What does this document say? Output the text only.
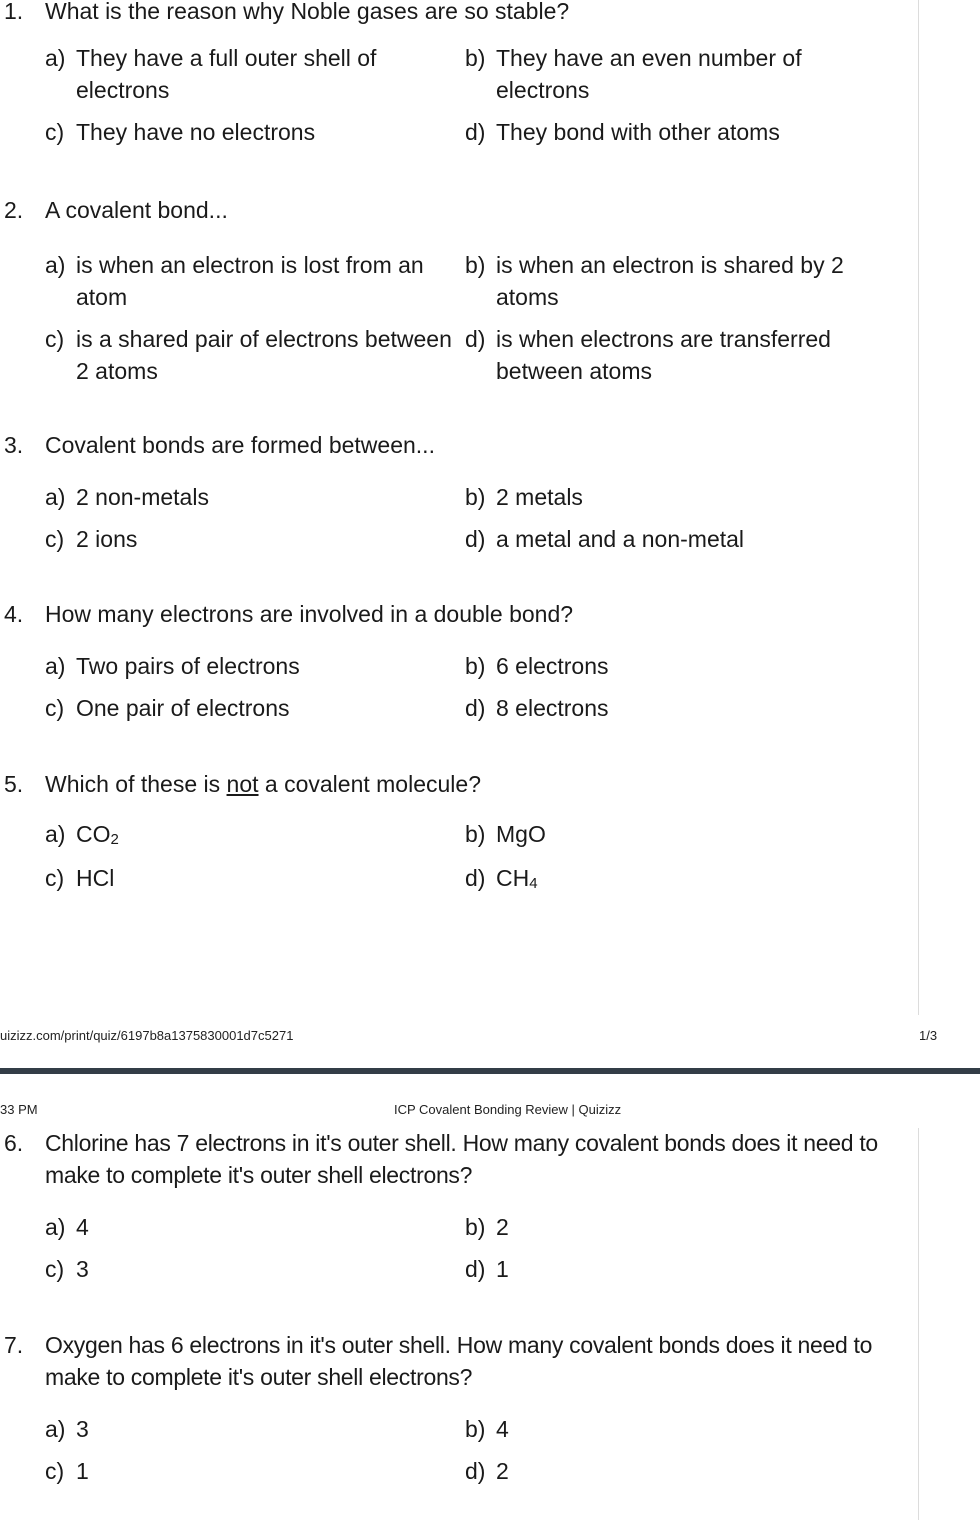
1. What is the reason why Noble gases are so stable?
a) They have a full outer shell of electrons
b) They have an even number of electrons
c) They have no electrons	d) They bond with other atoms
2. A covalent bond...
a) is when an electron is lost from an atom
b) is when an electron is shared by 2 atoms
c) is a shared pair of electrons between 2 atoms
d) is when electrons are transferred between atoms
3. Covalent bonds are formed between...
a) 2 non-metals	b) 2 metals
c) 2 ions	d) a metal and a non-metal
4. How many electrons are involved in a double bond?
a) Two pairs of electrons	b) 6 electrons
c) One pair of electrons	d) 8 electrons
5. Which of these is not a covalent molecule?
a) $CO_2$	b) MgO
c) HCl	d) $CH_4$
uizizz.com/print/quiz/6197b8a1375830001d7c5271	1/3
33 PM	ICP Covalent Bonding Review | Quizizz
6. Chlorine has 7 electrons in it's outer shell. How many covalent bonds does it need to make to complete it's outer shell electrons?
a) 4	b) 2
c) 3	d) 1
7. Oxygen has 6 electrons in it's outer shell. How many covalent bonds does it need to make to complete it's outer shell electrons?
a) 3	b) 4
c) 1	d) 2
